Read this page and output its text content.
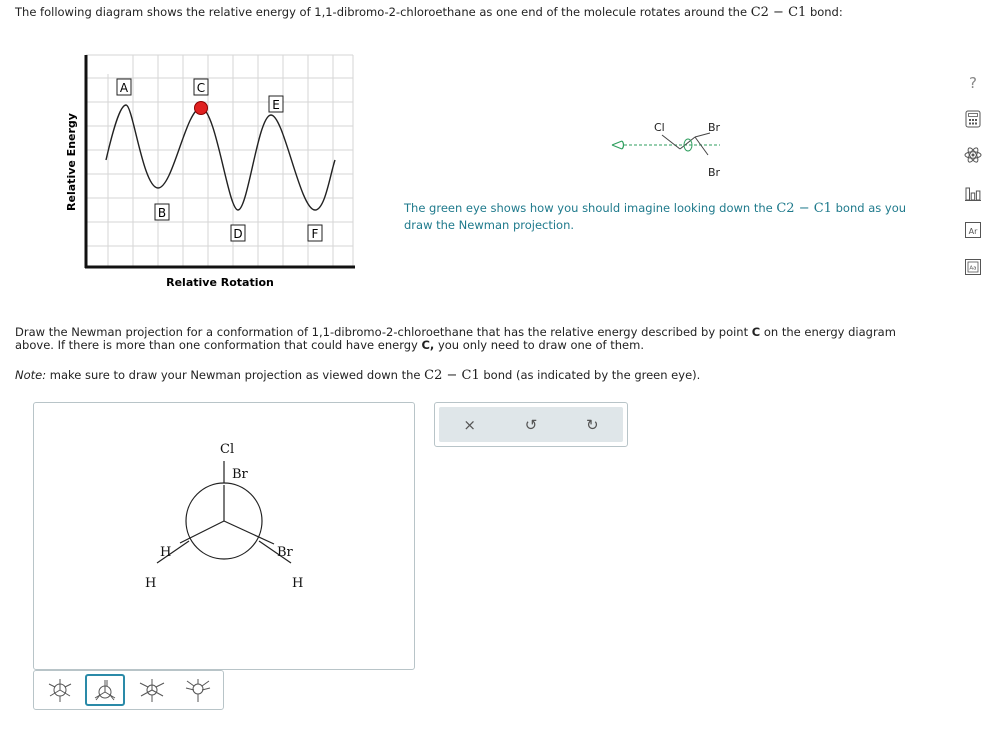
The following diagram shows the relative energy of 1,1-dibromo-2-chloroethane as one end of the molecule rotates around the C2 − C1 bond:
A	C
E
B
D	F
Relative Energy
Relative Rotation
Cl	Br
Br
The green eye shows how you should imagine looking down the C2 − C1 bond as you draw the Newman projection.
Draw the Newman projection for a conformation of 1,1-dibromo-2-chloroethane that has the relative energy described by point C on the energy diagram above. If there is more than one conformation that could have energy C, you only need to draw one of them.
Note: make sure to draw your Newman projection as viewed down the C2 − C1 bond (as indicated by the green eye).
Cl
Br
H	Br
H	H
×	↺	↻
?
Ar
Aa
